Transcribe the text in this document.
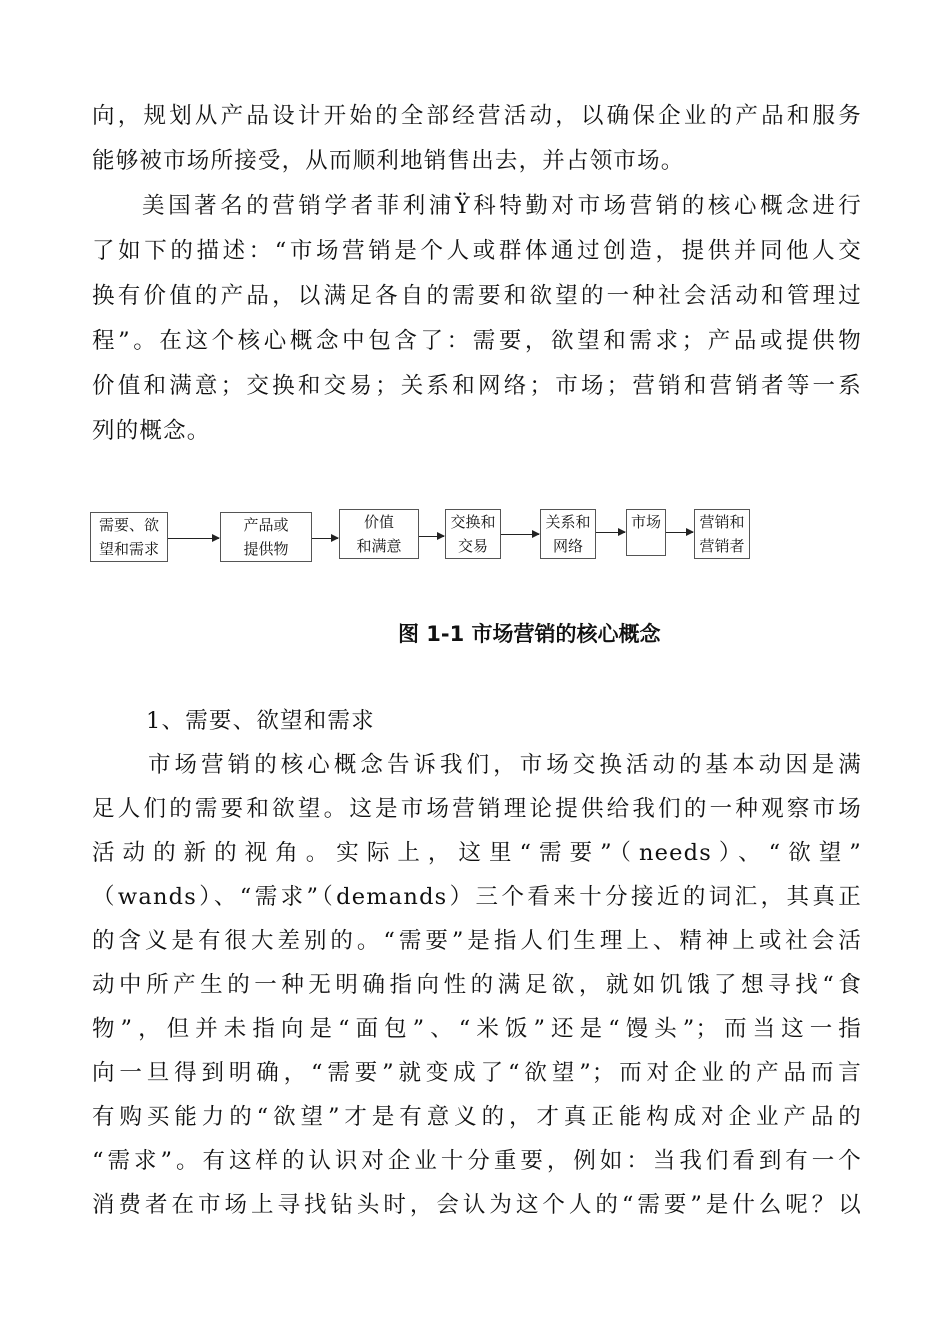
向，规划从产品设计开始的全部经营活动，以确保企业的产品和服务
能够被市场所接受，从而顺利地销售出去，并占领市场。
美国著名的营销学者菲利浦Ÿ科特勤对市场营销的核心概念进行
了如下的描述：“市场营销是个人或群体通过创造，提供并同他人交
换有价值的产品，以满足各自的需要和欲望的一种社会活动和管理过
程”。在这个核心概念中包含了：需要，欲望和需求；产品或提供物
价值和满意；交换和交易；关系和网络；市场；营销和营销者等一系
列的概念。
需要、欲
望和需求
产品或
提供物
价值
和满意
交换和
交易
关系和
网络
市场	营销和
营销者
图 1-1 市场营销的核心概念
1、需要、欲望和需求
市场营销的核心概念告诉我们，市场交换活动的基本动因是满
足人们的需要和欲望。这是市场营销理论提供给我们的一种观察市场
活动的新的视角。实际上，这里“需要”（needs）、“欲望”
（wands）、“需求”（demands）三个看来十分接近的词汇，其真正
的含义是有很大差别的。“需要”是指人们生理上、精神上或社会活
动中所产生的一种无明确指向性的满足欲，就如饥饿了想寻找“食
物”，但并未指向是“面包”、“米饭”还是“馒头”；而当这一指
向一旦得到明确，“需要”就变成了“欲望”；而对企业的产品而言
有购买能力的“欲望”才是有意义的，才真正能构成对企业产品的
“需求”。有这样的认识对企业十分重要，例如：当我们看到有一个
消费者在市场上寻找钻头时，会认为这个人的“需要”是什么呢？以
